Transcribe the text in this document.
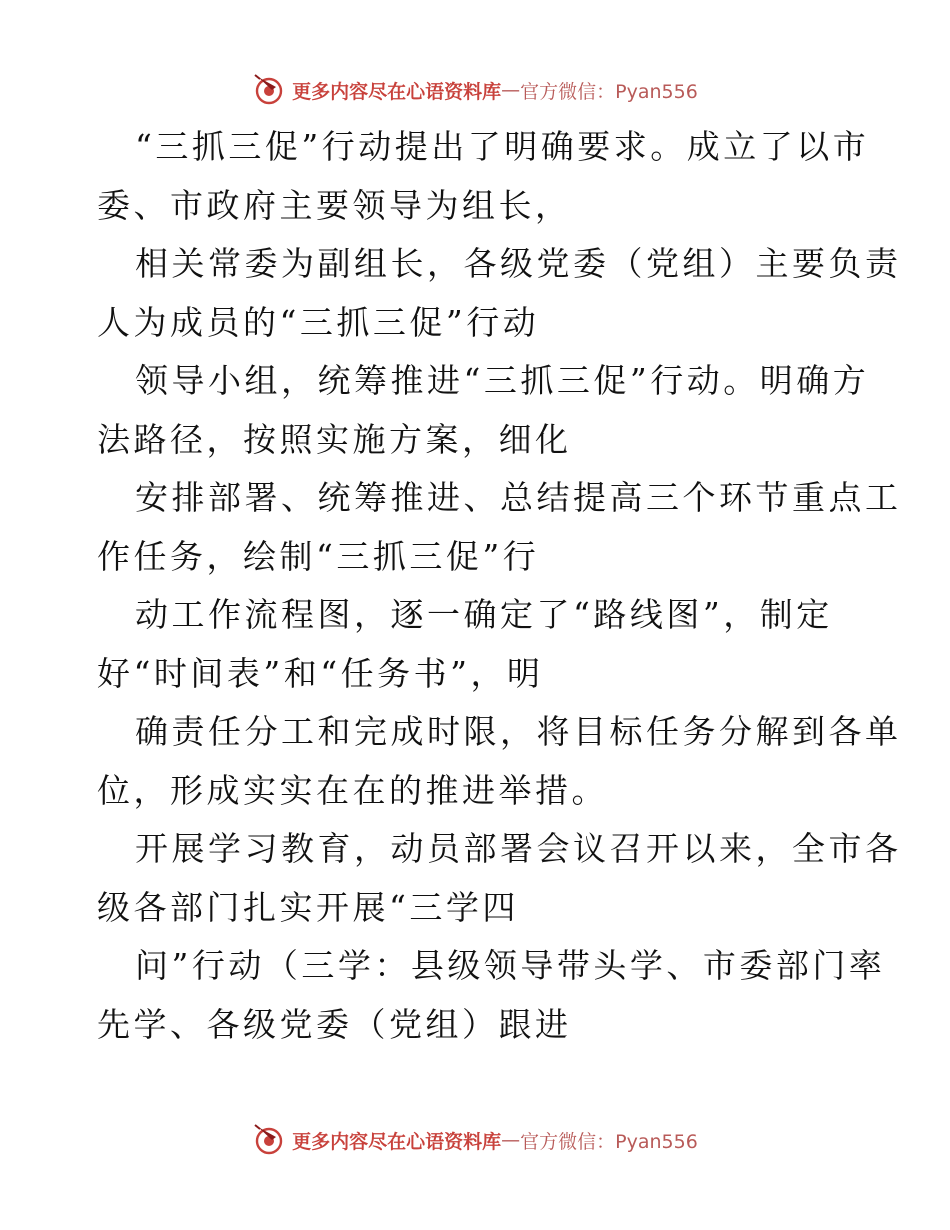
更多内容尽在心语资料库 — 官方微信：Pyan556
“三抓三促”行动提出了明确要求。成立了以市
委、市政府主要领导为组长，
相关常委为副组长，各级党委（党组）主要负责
人为成员的“三抓三促”行动
领导小组，统筹推进“三抓三促”行动。明确方
法路径，按照实施方案，细化
安排部署、统筹推进、总结提高三个环节重点工
作任务，绘制“三抓三促”行
动工作流程图，逐一确定了“路线图”，制定
好“时间表”和“任务书”，明
确责任分工和完成时限，将目标任务分解到各单
位，形成实实在在的推进举措。
开展学习教育，动员部署会议召开以来，全市各
级各部门扎实开展“三学四
问”行动（三学：县级领导带头学、市委部门率
先学、各级党委（党组）跟进
更多内容尽在心语资料库 — 官方微信：Pyan556
